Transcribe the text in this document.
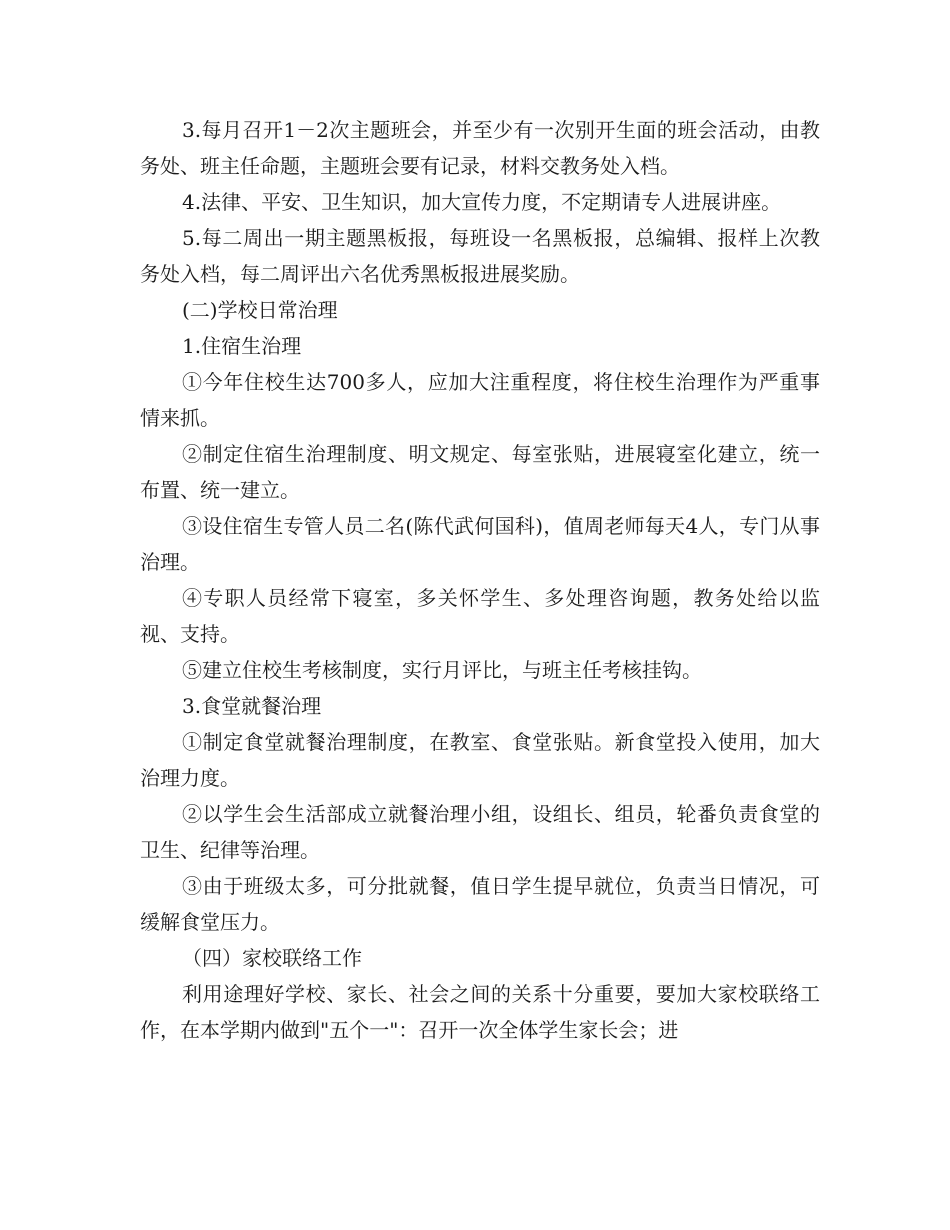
3.每月召开1－2次主题班会，并至少有一次别开生面的班会活动，由教务处、班主任命题，主题班会要有记录，材料交教务处入档。

4.法律、平安、卫生知识，加大宣传力度，不定期请专人进展讲座。

5.每二周出一期主题黑板报，每班设一名黑板报，总编辑、报样上次教务处入档，每二周评出六名优秀黑板报进展奖励。

(二)学校日常治理

1.住宿生治理

①今年住校生达700多人，应加大注重程度，将住校生治理作为严重事情来抓。

②制定住宿生治理制度、明文规定、每室张贴，进展寝室化建立，统一布置、统一建立。

③设住宿生专管人员二名(陈代武何国科)，值周老师每天4人，专门从事治理。

④专职人员经常下寝室，多关怀学生、多处理咨询题，教务处给以监视、支持。

⑤建立住校生考核制度，实行月评比，与班主任考核挂钩。

3.食堂就餐治理

①制定食堂就餐治理制度，在教室、食堂张贴。新食堂投入使用，加大治理力度。

②以学生会生活部成立就餐治理小组，设组长、组员，轮番负责食堂的卫生、纪律等治理。

③由于班级太多，可分批就餐，值日学生提早就位，负责当日情况，可缓解食堂压力。

（四）家校联络工作

利用途理好学校、家长、社会之间的关系十分重要，要加大家校联络工作，在本学期内做到"五个一"：召开一次全体学生家长会；进
